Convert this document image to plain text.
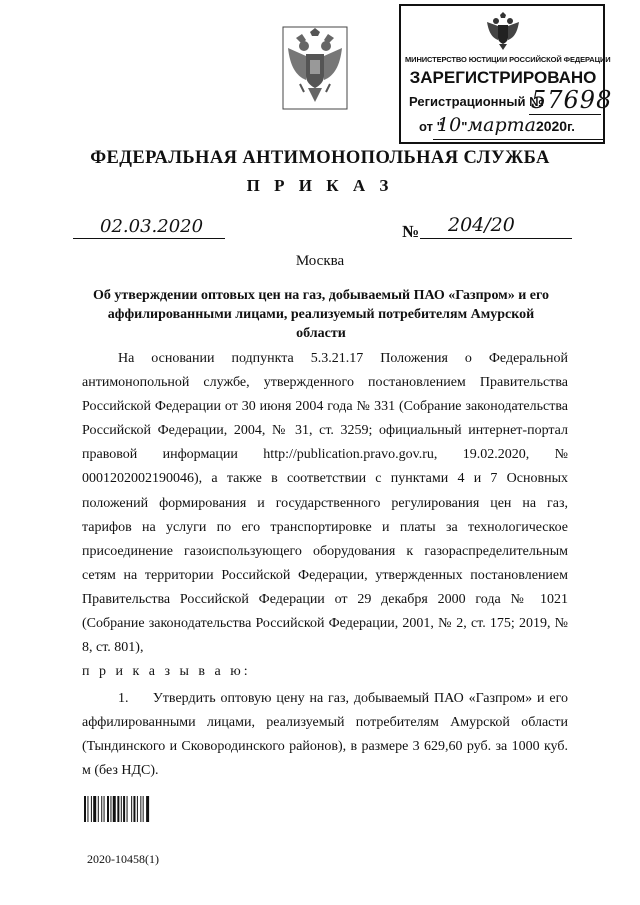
МИНИСТЕРСТВО ЮСТИЦИИ РОССИЙСКОЙ ФЕДЕРАЦИИ
ЗАРЕГИСТРИРОВАНО
Регистрационный №
57698
от "
10"марта2020г.
ФЕДЕРАЛЬНАЯ АНТИМОНОПОЛЬНАЯ СЛУЖБА
П Р И К А З
02.03.2020	№ 204/20
Москва
Об утверждении оптовых цен на газ, добываемый ПАО «Газпром» и его аффилированными лицами, реализуемый потребителям Амурской области

На основании подпункта 5.3.21.17 Положения о Федеральной антимонопольной службе, утвержденного постановлением Правительства Российской Федерации от 30 июня 2004 года № 331 (Собрание законодательства Российской Федерации, 2004, № 31, ст. 3259; официальный интернет-портал правовой информации http://publication.pravo.gov.ru, 19.02.2020, № 0001202002190046), а также в соответствии с пунктами 4 и 7 Основных положений формирования и государственного регулирования цен на газ, тарифов на услуги по его транспортировке и платы за технологическое присоединение газоиспользующего оборудования к газораспределительным сетям на территории Российской Федерации, утвержденных постановлением Правительства Российской Федерации от 29 декабря 2000 года № 1021 (Собрание законодательства Российской Федерации, 2001, № 2, ст. 175; 2019, № 8, ст. 801),

п р и к а з ы в а ю:

1.     Утвердить оптовую цену на газ, добываемый ПАО «Газпром» и его аффилированными лицами, реализуемый потребителям Амурской области (Тындинского и Сковородинского районов), в размере 3 629,60 руб. за 1000 куб. м (без НДС).

2020-10458(1)
